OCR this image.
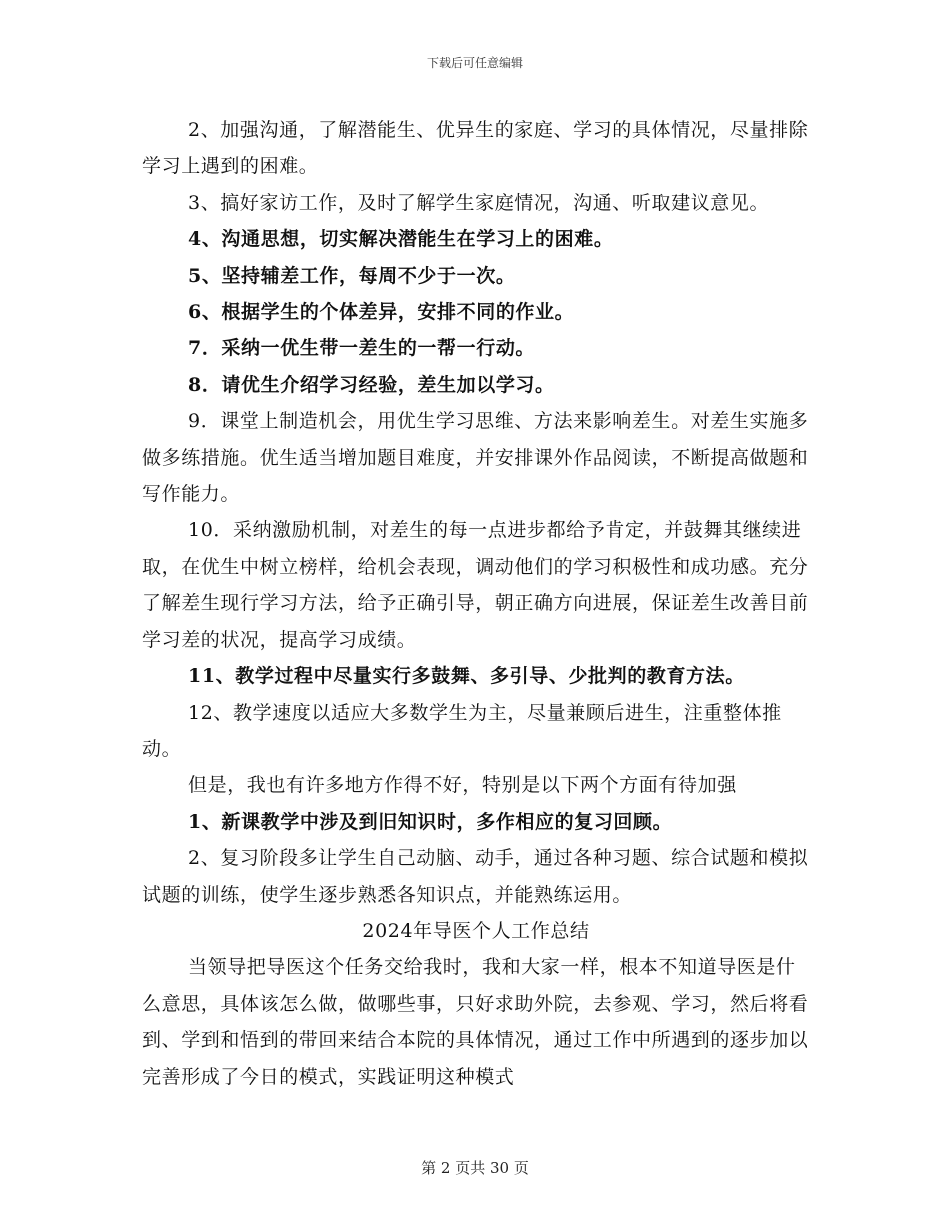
下载后可任意编辑

2、加强沟通，了解潜能生、优异生的家庭、学习的具体情况，尽量排除学习上遇到的困难。

3、搞好家访工作，及时了解学生家庭情况，沟通、听取建议意见。

4、沟通思想，切实解决潜能生在学习上的困难。

5、坚持辅差工作，每周不少于一次。

6、根据学生的个体差异，安排不同的作业。

7．采纳一优生带一差生的一帮一行动。

8．请优生介绍学习经验，差生加以学习。

9．课堂上制造机会，用优生学习思维、方法来影响差生。对差生实施多做多练措施。优生适当增加题目难度，并安排课外作品阅读，不断提高做题和写作能力。

10．采纳激励机制，对差生的每一点进步都给予肯定，并鼓舞其继续进取，在优生中树立榜样，给机会表现，调动他们的学习积极性和成功感。充分了解差生现行学习方法，给予正确引导，朝正确方向进展，保证差生改善目前学习差的状况，提高学习成绩。

11、教学过程中尽量实行多鼓舞、多引导、少批判的教育方法。

12、教学速度以适应大多数学生为主，尽量兼顾后进生，注重整体推动。

但是，我也有许多地方作得不好，特别是以下两个方面有待加强

1、新课教学中涉及到旧知识时，多作相应的复习回顾。

2、复习阶段多让学生自己动脑、动手，通过各种习题、综合试题和模拟试题的训练，使学生逐步熟悉各知识点，并能熟练运用。

2024年导医个人工作总结

当领导把导医这个任务交给我时，我和大家一样，根本不知道导医是什么意思，具体该怎么做，做哪些事，只好求助外院，去参观、学习，然后将看到、学到和悟到的带回来结合本院的具体情况，通过工作中所遇到的逐步加以完善形成了今日的模式，实践证明这种模式

第 2 页共 30 页
